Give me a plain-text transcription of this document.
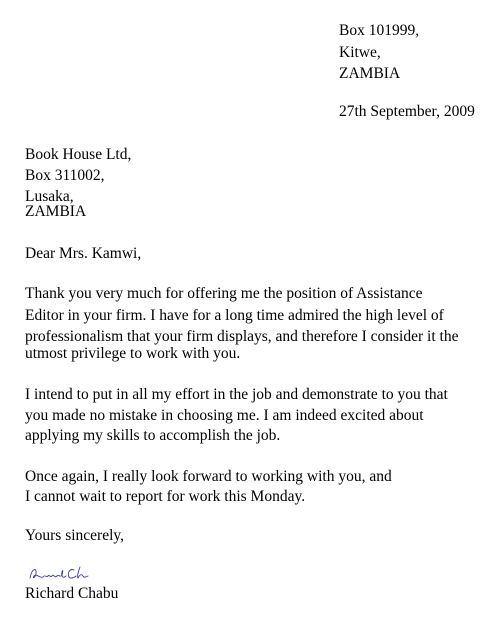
Box 101999,

Kitwe,

ZAMBIA

27th September, 2009

Book House Ltd,

Box 311002,

Lusaka,

ZAMBIA

Dear Mrs. Kamwi,

Thank you very much for offering me the position of Assistance

Editor in your firm. I have for a long time admired the high level of

professionalism that your firm displays, and therefore I consider it the

utmost privilege to work with you.

I intend to put in all my effort in the job and demonstrate to you that

you made no mistake in choosing me. I am indeed excited about

applying my skills to accomplish the job.

Once again, I really look forward to working with you, and

I cannot wait to report for work this Monday.

Yours sincerely,

Richard Chabu
